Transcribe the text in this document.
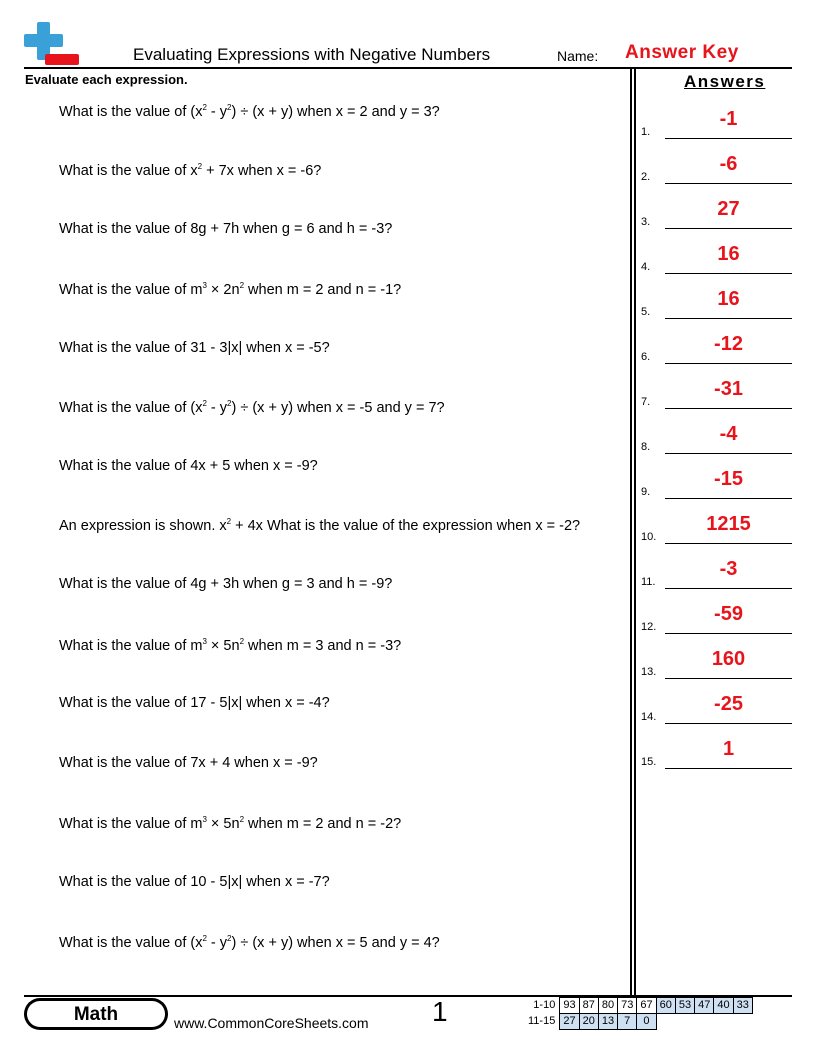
Evaluating Expressions with Negative Numbers	Name: Answer Key
Evaluate each expression.	Answers
What is the value of $(x^2 - y^2) \div (x + y)$ when x = 2 and y = 3?
What is the value of $x^2 + 7x$ when x = -6?
What is the value of 8g + 7h when g = 6 and h = -3?
What is the value of $m^3 \times 2n^2$ when m = 2 and n = -1?
What is the value of 31 - 3|x| when x = -5?
What is the value of $(x^2 - y^2) \div (x + y)$ when x = -5 and y = 7?
What is the value of 4x + 5 when x = -9?
An expression is shown. $x^2 + 4x$ What is the value of the expression when x = -2?
What is the value of 4g + 3h when g = 3 and h = -9?
What is the value of $m^3 \times 5n^2$ when m = 3 and n = -3?
What is the value of 17 - 5|x| when x = -4?
What is the value of 7x + 4 when x = -9?
What is the value of $m^3 \times 5n^2$ when m = 2 and n = -2?
What is the value of 10 - 5|x| when x = -7?
What is the value of $(x^2 - y^2) \div (x + y)$ when x = 5 and y = 4?
1.
-1
2.
-6
3.
27
4.
16
5.
16
6.
-12
7.
-31
8.
-4
9.
-15
10.
1215
11.
-3
12.
-59
13.
160
14.
-25
15.
1
Math	www.CommonCoreSheets.com 1	1-10	93	87	80	73	67	60	53	47	40	33
11-15	27	20	13	7	0					
